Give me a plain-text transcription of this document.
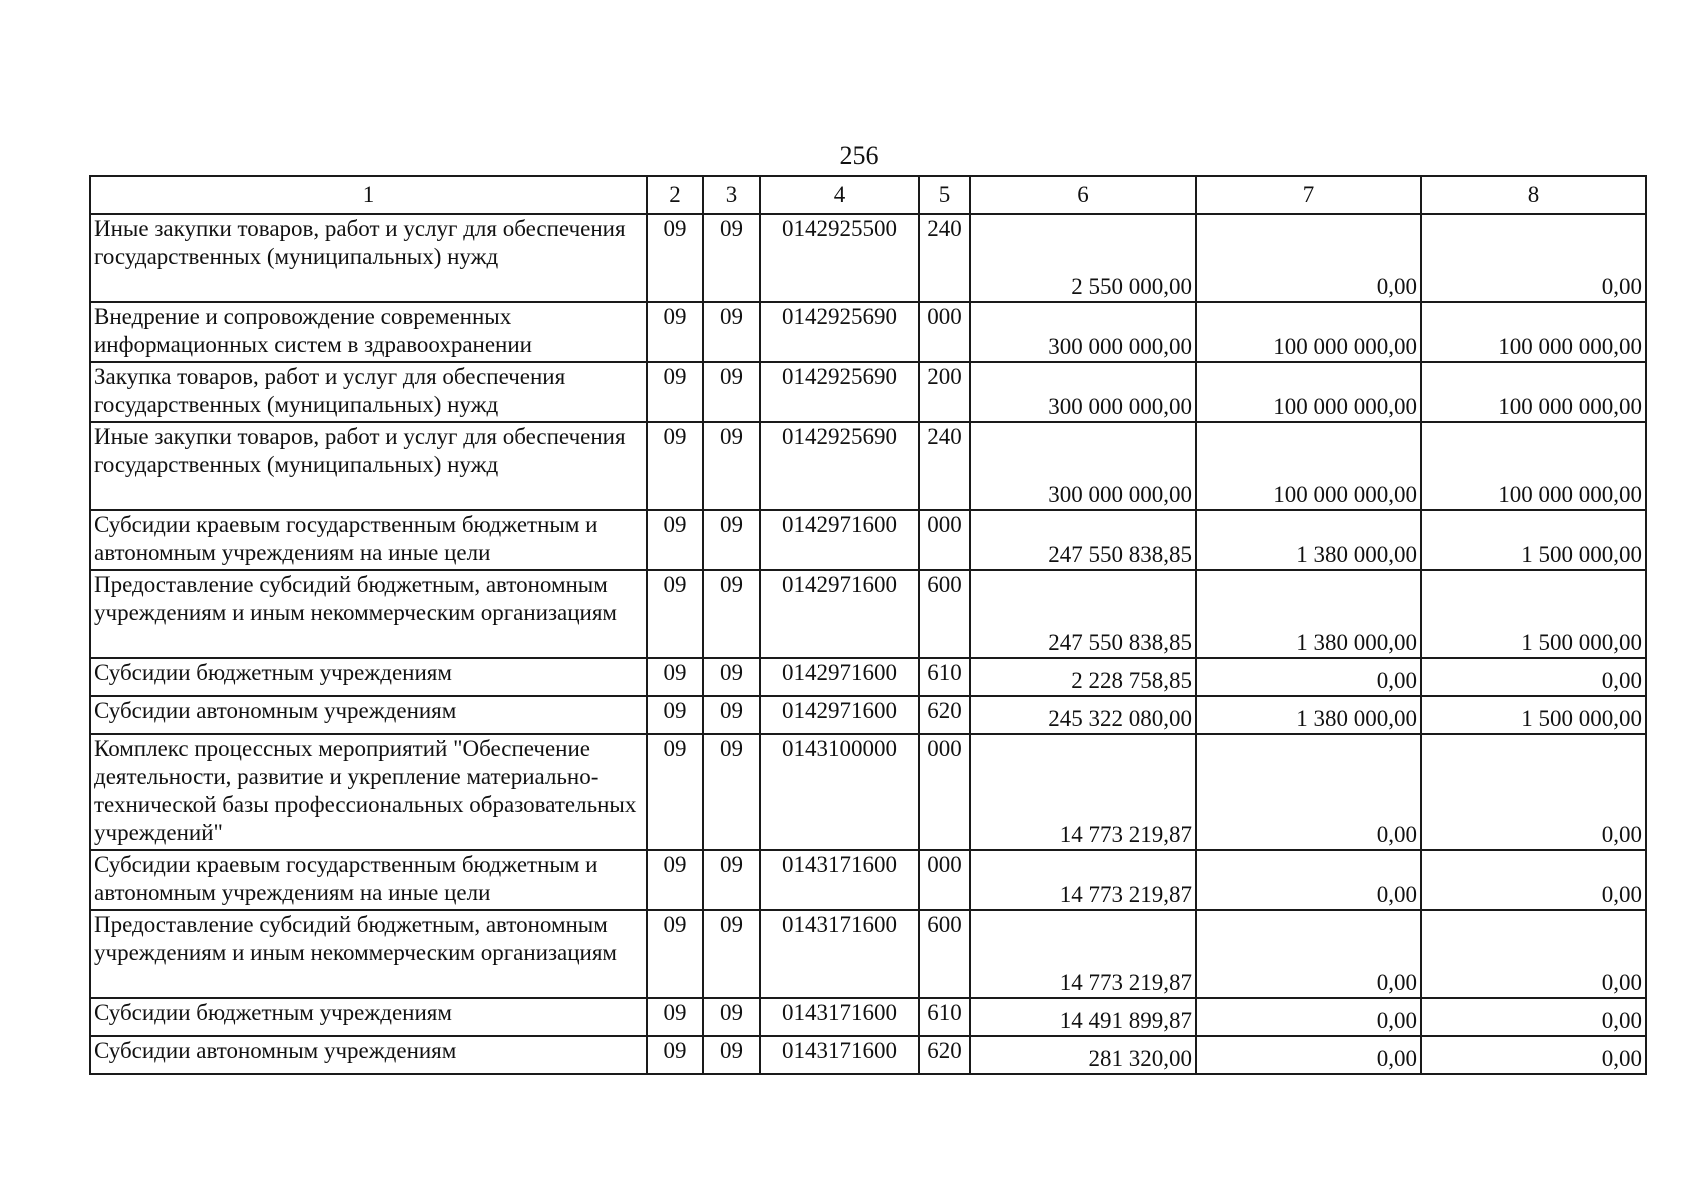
256
1	2	3	4	5	6	7	8
Иные закупки товаров, работ и услуг для обеспечения государственных (муниципальных) нужд	09	09	0142925500	240	2 550 000,00	0,00	0,00
Внедрение и сопровождение современных информационных систем в здравоохранении	09	09	0142925690	000	300 000 000,00	100 000 000,00	100 000 000,00
Закупка товаров, работ и услуг для обеспечения государственных (муниципальных) нужд	09	09	0142925690	200	300 000 000,00	100 000 000,00	100 000 000,00
Иные закупки товаров, работ и услуг для обеспечения государственных (муниципальных) нужд	09	09	0142925690	240	300 000 000,00	100 000 000,00	100 000 000,00
Субсидии краевым государственным бюджетным и автономным учреждениям на иные цели	09	09	0142971600	000	247 550 838,85	1 380 000,00	1 500 000,00
Предоставление субсидий бюджетным, автономным учреждениям и иным некоммерческим организациям	09	09	0142971600	600	247 550 838,85	1 380 000,00	1 500 000,00
Субсидии бюджетным учреждениям	09	09	0142971600	610	2 228 758,85	0,00	0,00
Субсидии автономным учреждениям	09	09	0142971600	620	245 322 080,00	1 380 000,00	1 500 000,00
Комплекс процессных мероприятий "Обеспечение деятельности, развитие и укрепление материально-технической базы профессиональных образовательных учреждений"	09	09	0143100000	000	14 773 219,87	0,00	0,00
Субсидии краевым государственным бюджетным и автономным учреждениям на иные цели	09	09	0143171600	000	14 773 219,87	0,00	0,00
Предоставление субсидий бюджетным, автономным учреждениям и иным некоммерческим организациям	09	09	0143171600	600	14 773 219,87	0,00	0,00
Субсидии бюджетным учреждениям	09	09	0143171600	610	14 491 899,87	0,00	0,00
Субсидии автономным учреждениям	09	09	0143171600	620	281 320,00	0,00	0,00
